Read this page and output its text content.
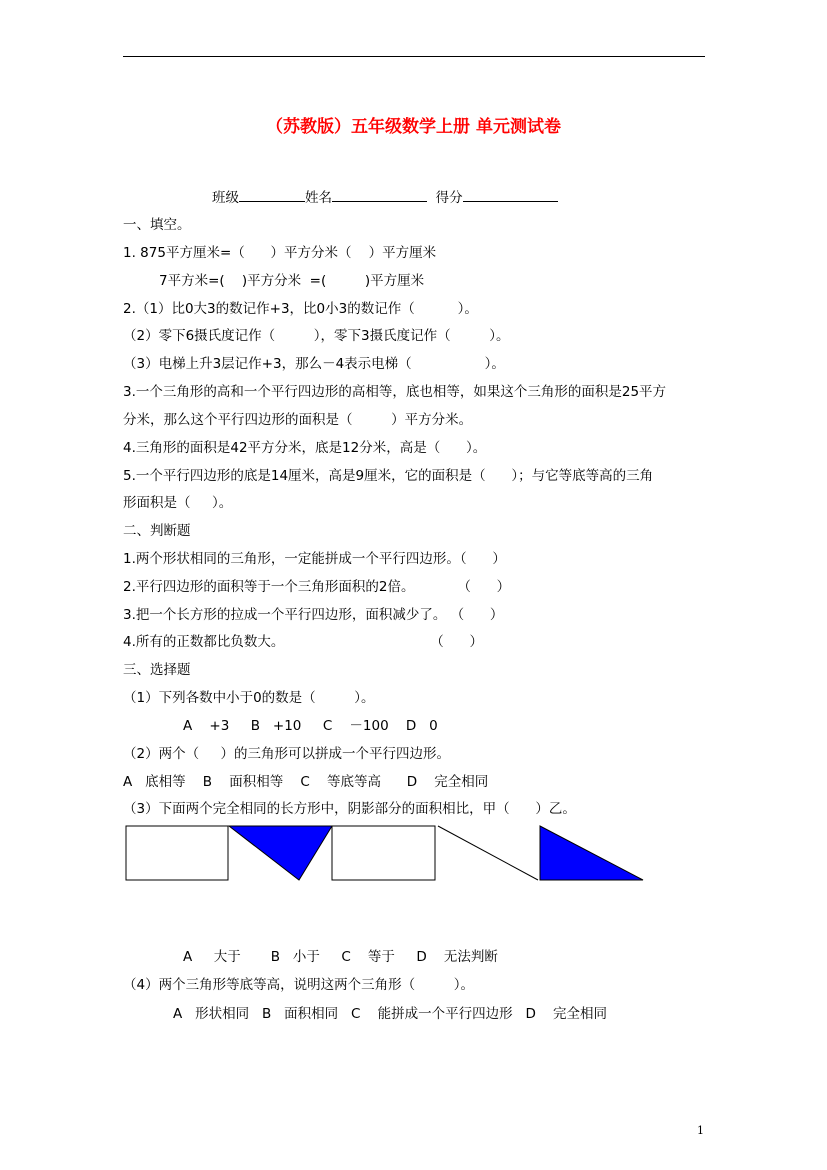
（苏教版）五年级数学上册 单元测试卷
班级	姓名	得分
一、填空。
1. 875平方厘米=（      ）平方分米（    ）平方厘米
7平方米=(    )平方分米  =(         )平方厘米
2.（1）比0大3的数记作+3，比0小3的数记作（          ）。
（2）零下6摄氏度记作（         ），零下3摄氏度记作（         ）。
（3）电梯上升3层记作+3，那么－4表示电梯（                 ）。
3.一个三角形的高和一个平行四边形的高相等，底也相等，如果这个三角形的面积是25平方
分米，那么这个平行四边形的面积是（         ）平方分米。
4.三角形的面积是42平方分米，底是12分米，高是（      ）。
5.一个平行四边形的底是14厘米，高是9厘米，它的面积是（      ）；与它等底等高的三角
形面积是（     ）。
二、判断题
1.两个形状相同的三角形，一定能拼成一个平行四边形。（      ）
2.平行四边形的面积等于一个三角形面积的2倍。          （      ）
3.把一个长方形的拉成一个平行四边形，面积减少了。 （      ）
4.所有的正数都比负数大。                                  （      ）
三、选择题
（1）下列各数中小于0的数是（         ）。
A    +3     B   +10     C    －100    D   0
（2）两个（     ）的三角形可以拼成一个平行四边形。
A   底相等    B    面积相等    C    等底等高      D    完全相同
（3）下面两个完全相同的长方形中，阴影部分的面积相比，甲（      ）乙。
A     大于       B   小于     C    等于     D    无法判断
（4）两个三角形等底等高，说明这两个三角形（         ）。
A   形状相同   B   面积相同   C    能拼成一个平行四边形   D    完全相同
1
